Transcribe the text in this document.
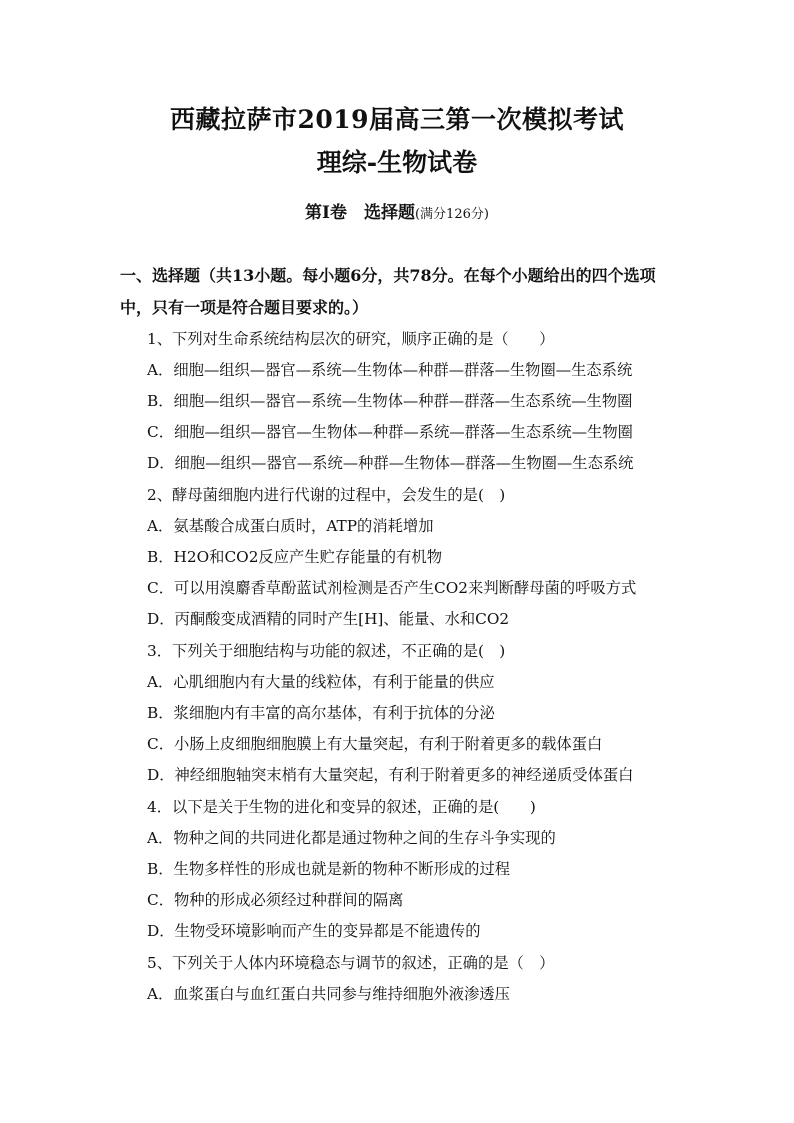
西藏拉萨市2019届高三第一次模拟考试
理综-生物试卷
第Ⅰ卷　选择题(满分126分)
一、选择题（共13小题。每小题6分，共78分。在每个小题给出的四个选项
中，只有一项是符合题目要求的。）
1、下列对生命系统结构层次的研究，顺序正确的是（　　）
A．细胞—组织—器官—系统—生物体—种群—群落—生物圈—生态系统
B．细胞—组织—器官—系统—生物体—种群—群落—生态系统—生物圈
C．细胞—组织—器官—生物体—种群—系统—群落—生态系统—生物圈
D．细胞—组织—器官—系统—种群—生物体—群落—生物圈—生态系统
2、酵母菌细胞内进行代谢的过程中，会发生的是(　)
A．氨基酸合成蛋白质时，ATP的消耗增加
B．H2O和CO2反应产生贮存能量的有机物
C．可以用溴麝香草酚蓝试剂检测是否产生CO2来判断酵母菌的呼吸方式
D．丙酮酸变成酒精的同时产生[H]、能量、水和CO2
3．下列关于细胞结构与功能的叙述，不正确的是(　)
A．心肌细胞内有大量的线粒体，有利于能量的供应
B．浆细胞内有丰富的高尔基体，有利于抗体的分泌
C．小肠上皮细胞细胞膜上有大量突起，有利于附着更多的载体蛋白
D．神经细胞轴突末梢有大量突起，有利于附着更多的神经递质受体蛋白
4．以下是关于生物的进化和变异的叙述，正确的是(　　)
A．物种之间的共同进化都是通过物种之间的生存斗争实现的
B．生物多样性的形成也就是新的物种不断形成的过程
C．物种的形成必须经过种群间的隔离
D．生物受环境影响而产生的变异都是不能遗传的
5、下列关于人体内环境稳态与调节的叙述，正确的是（　）
A．血浆蛋白与血红蛋白共同参与维持细胞外液渗透压
